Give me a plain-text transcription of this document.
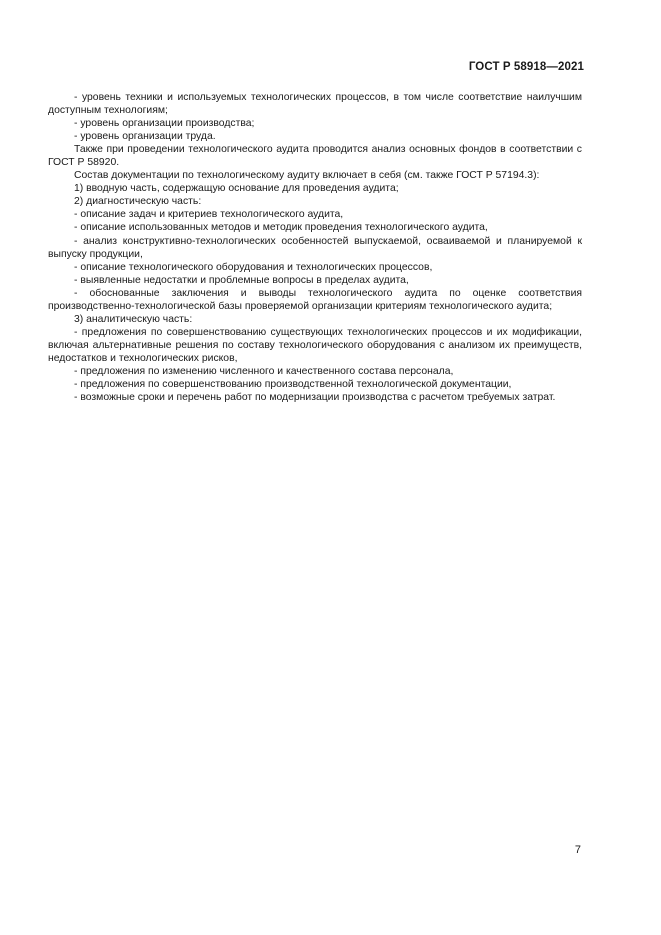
ГОСТ Р 58918—2021

- уровень техники и используемых технологических процессов, в том числе соответствие наилучшим доступным технологиям;

- уровень организации производства;

- уровень организации труда.

Также при проведении технологического аудита проводится анализ основных фондов в соответствии с ГОСТ Р 58920.

Состав документации по технологическому аудиту включает в себя (см. также ГОСТ Р 57194.3):

1) вводную часть, содержащую основание для проведения аудита;

2) диагностическую часть:

- описание задач и критериев технологического аудита,

- описание использованных методов и методик проведения технологического аудита,

- анализ конструктивно-технологических особенностей выпускаемой, осваиваемой и планируемой к выпуску продукции,

- описание технологического оборудования и технологических процессов,

- выявленные недостатки и проблемные вопросы в пределах аудита,

- обоснованные заключения и выводы технологического аудита по оценке соответствия производственно-технологической базы проверяемой организации критериям технологического аудита;

3) аналитическую часть:

- предложения по совершенствованию существующих технологических процессов и их модификации, включая альтернативные решения по составу технологического оборудования с анализом их преимуществ, недостатков и технологических рисков,

- предложения по изменению численного и качественного состава персонала,

- предложения по совершенствованию производственной технологической документации,

- возможные сроки и перечень работ по модернизации производства с расчетом требуемых затрат.

7
